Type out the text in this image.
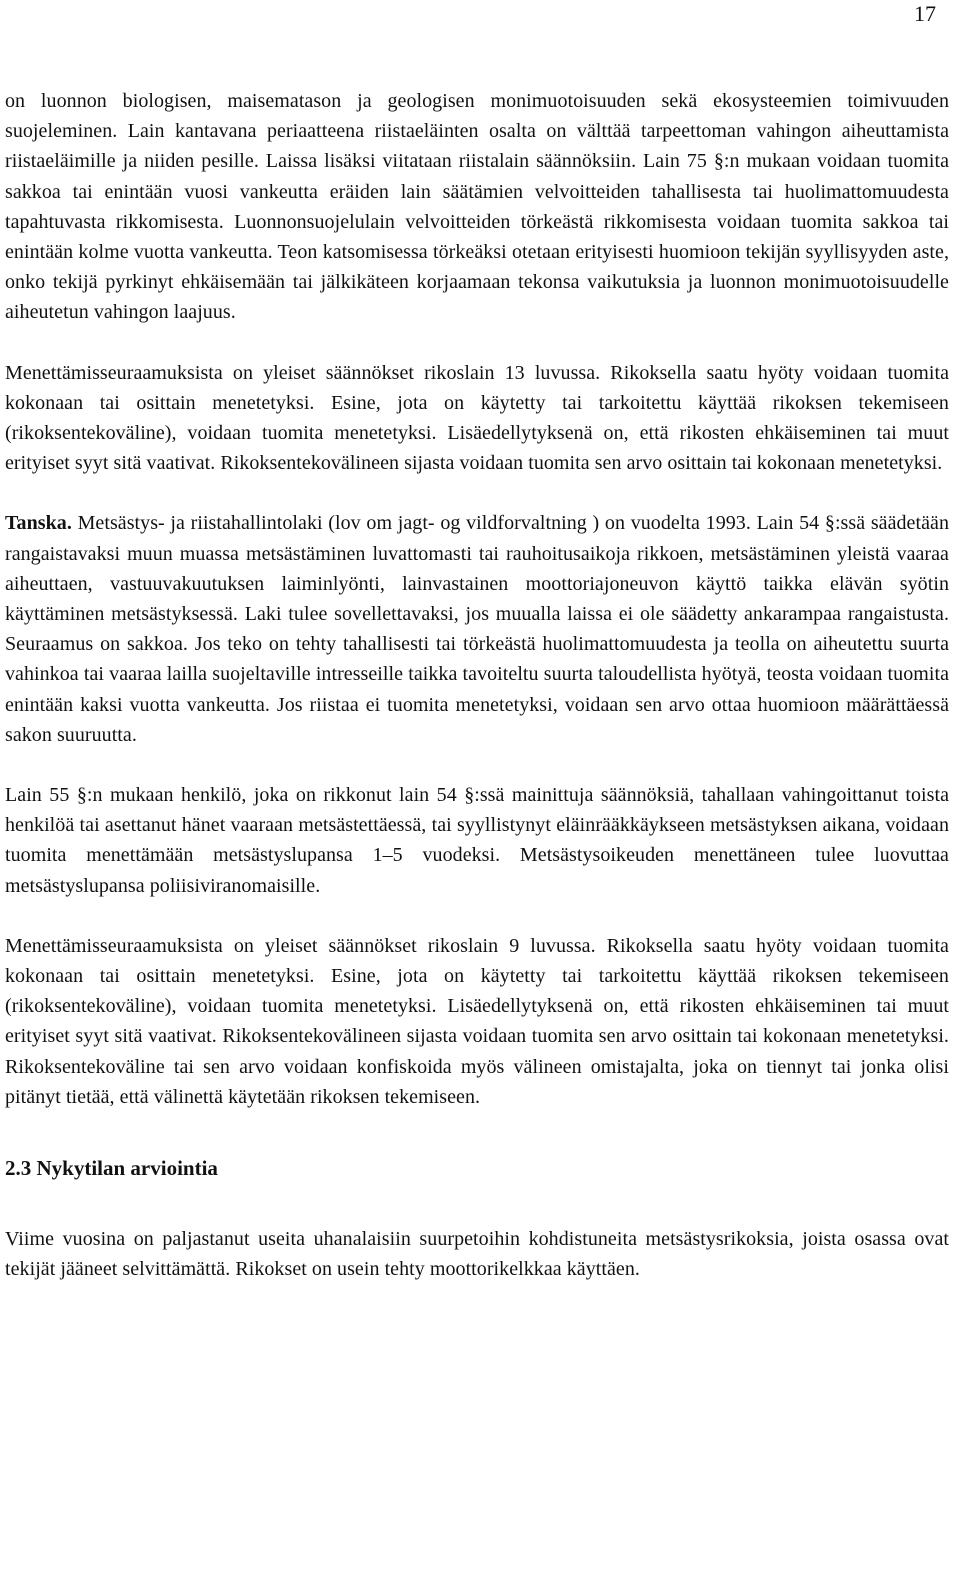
17

on luonnon biologisen, maisematason ja geologisen monimuotoisuuden sekä ekosysteemien toimivuuden suojeleminen. Lain kantavana periaatteena riistaeläinten osalta on välttää tarpeettoman vahingon aiheuttamista riistaeläimille ja niiden pesille. Laissa lisäksi viitataan riistalain säännöksiin. Lain 75 §:n mukaan voidaan tuomita sakkoa tai enintään vuosi vankeutta eräiden lain säätämien velvoitteiden tahallisesta tai huolimattomuudesta tapahtuvasta rikkomisesta. Luonnonsuojelulain velvoitteiden törkeästä rikkomisesta voidaan tuomita sakkoa tai enintään kolme vuotta vankeutta. Teon katsomisessa törkeäksi otetaan erityisesti huomioon tekijän syyllisyyden aste, onko tekijä pyrkinyt ehkäisemään tai jälkikäteen korjaamaan tekonsa vaikutuksia ja luonnon monimuotoisuudelle aiheutetun vahingon laajuus.

Menettämisseuraamuksista on yleiset säännökset rikoslain 13 luvussa. Rikoksella saatu hyöty voidaan tuomita kokonaan tai osittain menetetyksi. Esine, jota on käytetty tai tarkoitettu käyttää rikoksen tekemiseen (rikoksentekoväline), voidaan tuomita menetetyksi. Lisäedellytyksenä on, että rikosten ehkäiseminen tai muut erityiset syyt sitä vaativat. Rikoksentekovälineen sijasta voidaan tuomita sen arvo osittain tai kokonaan menetetyksi.

Tanska. Metsästys- ja riistahallintolaki (lov om jagt- og vildforvaltning ) on vuodelta 1993. Lain 54 §:ssä säädetään rangaistavaksi muun muassa metsästäminen luvattomasti tai rauhoitusaikoja rikkoen, metsästäminen yleistä vaaraa aiheuttaen, vastuuvakuutuksen laiminlyönti, lainvastainen moottoriajoneuvon käyttö taikka elävän syötin käyttäminen metsästyksessä. Laki tulee sovellettavaksi, jos muualla laissa ei ole säädetty ankarampaa rangaistusta. Seuraamus on sakkoa. Jos teko on tehty tahallisesti tai törkeästä huolimattomuudesta ja teolla on aiheutettu suurta vahinkoa tai vaaraa lailla suojeltaville intresseille taikka tavoiteltu suurta taloudellista hyötyä, teosta voidaan tuomita enintään kaksi vuotta vankeutta. Jos riistaa ei tuomita menetetyksi, voidaan sen arvo ottaa huomioon määrättäessä sakon suuruutta.

Lain 55 §:n mukaan henkilö, joka on rikkonut lain 54 §:ssä mainittuja säännöksiä, tahallaan vahingoittanut toista henkilöä tai asettanut hänet vaaraan metsästettäessä, tai syyllistynyt eläinrääkkäykseen metsästyksen aikana, voidaan tuomita menettämään metsästyslupansa 1–5 vuodeksi. Metsästysoikeuden menettäneen tulee luovuttaa metsästyslupansa poliisiviranomaisille.

Menettämisseuraamuksista on yleiset säännökset rikoslain 9 luvussa. Rikoksella saatu hyöty voidaan tuomita kokonaan tai osittain menetetyksi. Esine, jota on käytetty tai tarkoitettu käyttää rikoksen tekemiseen (rikoksentekoväline), voidaan tuomita menetetyksi. Lisäedellytyksenä on, että rikosten ehkäiseminen tai muut erityiset syyt sitä vaativat. Rikoksentekovälineen sijasta voidaan tuomita sen arvo osittain tai kokonaan menetetyksi. Rikoksentekoväline tai sen arvo voidaan konfiskoida myös välineen omistajalta, joka on tiennyt tai jonka olisi pitänyt tietää, että välinettä käytetään rikoksen tekemiseen.

2.3 Nykytilan arviointia

Viime vuosina on paljastanut useita uhanalaisiin suurpetoihin kohdistuneita metsästysrikoksia, joista osassa ovat tekijät jääneet selvittämättä. Rikokset on usein tehty moottorikelkkaa käyttäen.
